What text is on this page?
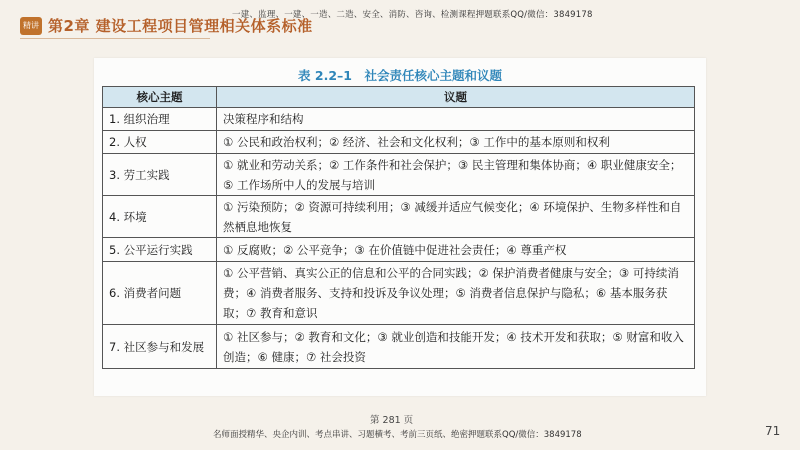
一建、监理、一建、一造、二造、安全、消防、咨询、检测课程押题联系QQ/微信：3849178
精讲 第2章 建设工程项目管理相关体系标准
表 2.2–1　社会责任核心主题和议题
核心主题	议题
1. 组织治理	决策程序和结构
2. 人权	① 公民和政治权利；② 经济、社会和文化权利；③ 工作中的基本原则和权利
3. 劳工实践	① 就业和劳动关系；② 工作条件和社会保护；③ 民主管理和集体协商；④ 职业健康安全；⑤ 工作场所中人的发展与培训
4. 环境	① 污染预防；② 资源可持续利用；③ 减缓并适应气候变化；④ 环境保护、生物多样性和自然栖息地恢复
5. 公平运行实践	① 反腐败；② 公平竞争；③ 在价值链中促进社会责任；④ 尊重产权
6. 消费者问题	① 公平营销、真实公正的信息和公平的合同实践；② 保护消费者健康与安全；③ 可持续消费；④ 消费者服务、支持和投诉及争议处理；⑤ 消费者信息保护与隐私；⑥ 基本服务获取；⑦ 教育和意识
7. 社区参与和发展	① 社区参与；② 教育和文化；③ 就业创造和技能开发；④ 技术开发和获取；⑤ 财富和收入创造；⑥ 健康；⑦ 社会投资
第 281 页
名师面授精华、央企内训、考点串讲、习题横考、考前三页纸、绝密押题联系QQ/微信：3849178	71
